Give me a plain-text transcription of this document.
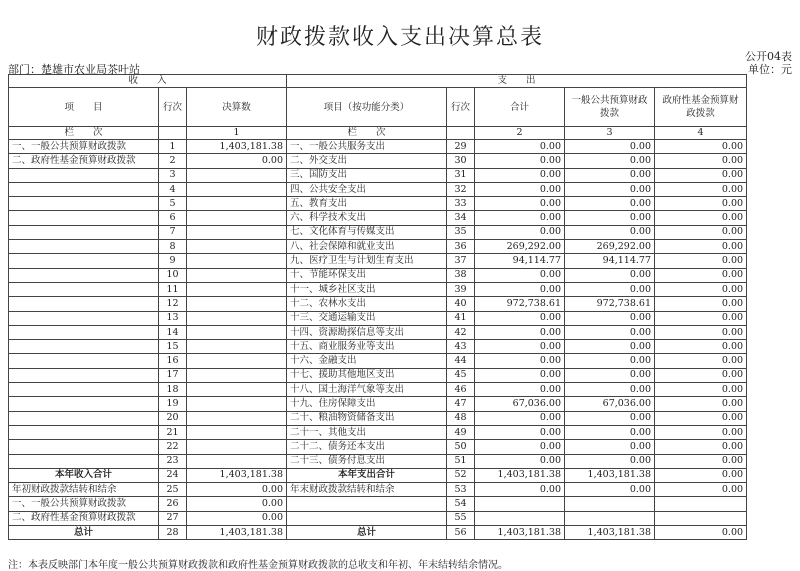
财政拨款收入支出决算总表
公开04表
部门：楚雄市农业局茶叶站	单位：元
收　　入			支　　出				
项　　目	行次	决算数	项目（按功能分类）	行次	合计	一般公共预算财政拨款	政府性基金预算财政拨款
栏　　次		1	栏　　次		2	3	4
一、一般公共预算财政拨款	1	1,403,181.38	一、一般公共服务支出	29	0.00	0.00	0.00
二、政府性基金预算财政拨款	2	0.00	二、外交支出	30	0.00	0.00	0.00
	3		三、国防支出	31	0.00	0.00	0.00
	4		四、公共安全支出	32	0.00	0.00	0.00
	5		五、教育支出	33	0.00	0.00	0.00
	6		六、科学技术支出	34	0.00	0.00	0.00
	7		七、文化体育与传媒支出	35	0.00	0.00	0.00
	8		八、社会保障和就业支出	36	269,292.00	269,292.00	0.00
	9		九、医疗卫生与计划生育支出	37	94,114.77	94,114.77	0.00
	10		十、节能环保支出	38	0.00	0.00	0.00
	11		十一、城乡社区支出	39	0.00	0.00	0.00
	12		十二、农林水支出	40	972,738.61	972,738.61	0.00
	13		十三、交通运输支出	41	0.00	0.00	0.00
	14		十四、资源勘探信息等支出	42	0.00	0.00	0.00
	15		十五、商业服务业等支出	43	0.00	0.00	0.00
	16		十六、金融支出	44	0.00	0.00	0.00
	17		十七、援助其他地区支出	45	0.00	0.00	0.00
	18		十八、国土海洋气象等支出	46	0.00	0.00	0.00
	19		十九、住房保障支出	47	67,036.00	67,036.00	0.00
	20		二十、粮油物资储备支出	48	0.00	0.00	0.00
	21		二十一、其他支出	49	0.00	0.00	0.00
	22		二十二、债务还本支出	50	0.00	0.00	0.00
	23		二十三、债务付息支出	51	0.00	0.00	0.00
本年收入合计	24	1,403,181.38	本年支出合计	52	1,403,181.38	1,403,181.38	0.00
年初财政拨款结转和结余	25	0.00	年末财政拨款结转和结余	53	0.00	0.00	0.00
一、一般公共预算财政拨款	26	0.00		54			
二、政府性基金预算财政拨款	27	0.00		55			
总计	28	1,403,181.38	总计	56	1,403,181.38	1,403,181.38	0.00
注：本表反映部门本年度一般公共预算财政拨款和政府性基金预算财政拨款的总收支和年初、年末结转结余情况。
